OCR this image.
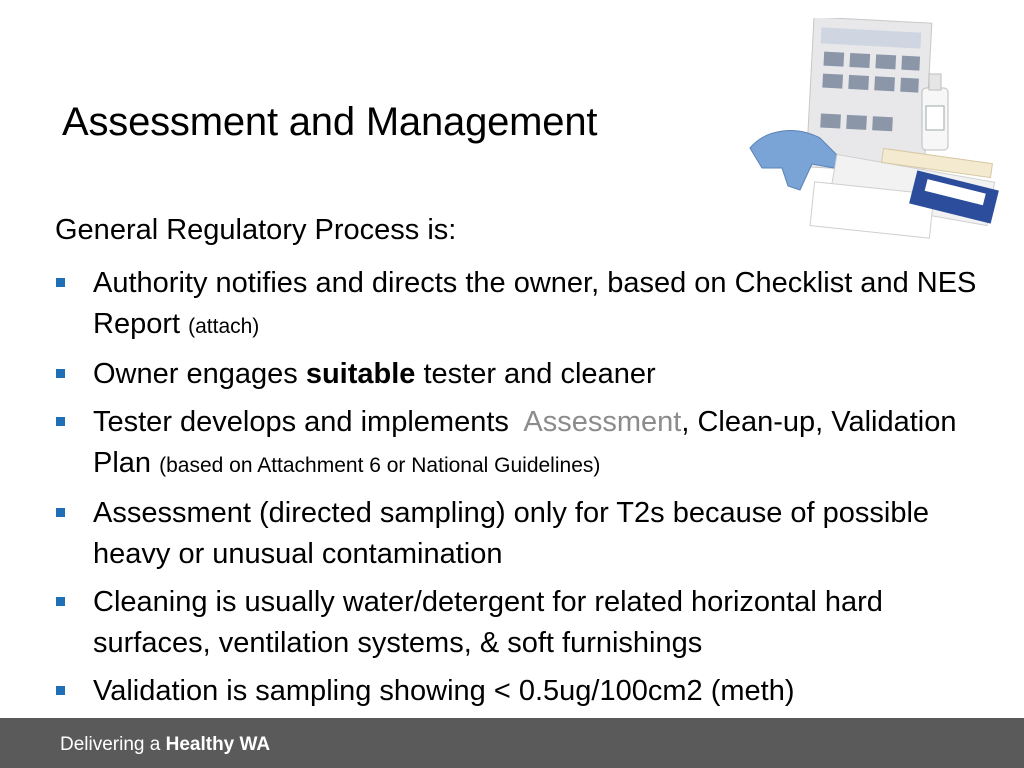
Assessment and Management
General Regulatory Process is:
Authority notifies and directs the owner, based on Checklist and NES Report (attach)
Owner engages suitable tester and cleaner
Tester develops and implements  Assessment, Clean-up, Validation Plan (based on Attachment 6 or National Guidelines)
Assessment (directed sampling) only for T2s because of possible heavy or unusual contamination
Cleaning is usually water/detergent for related horizontal hard surfaces, ventilation systems, & soft furnishings
Validation is sampling showing < 0.5ug/100cm2 (meth)
Delivering a Healthy WA
